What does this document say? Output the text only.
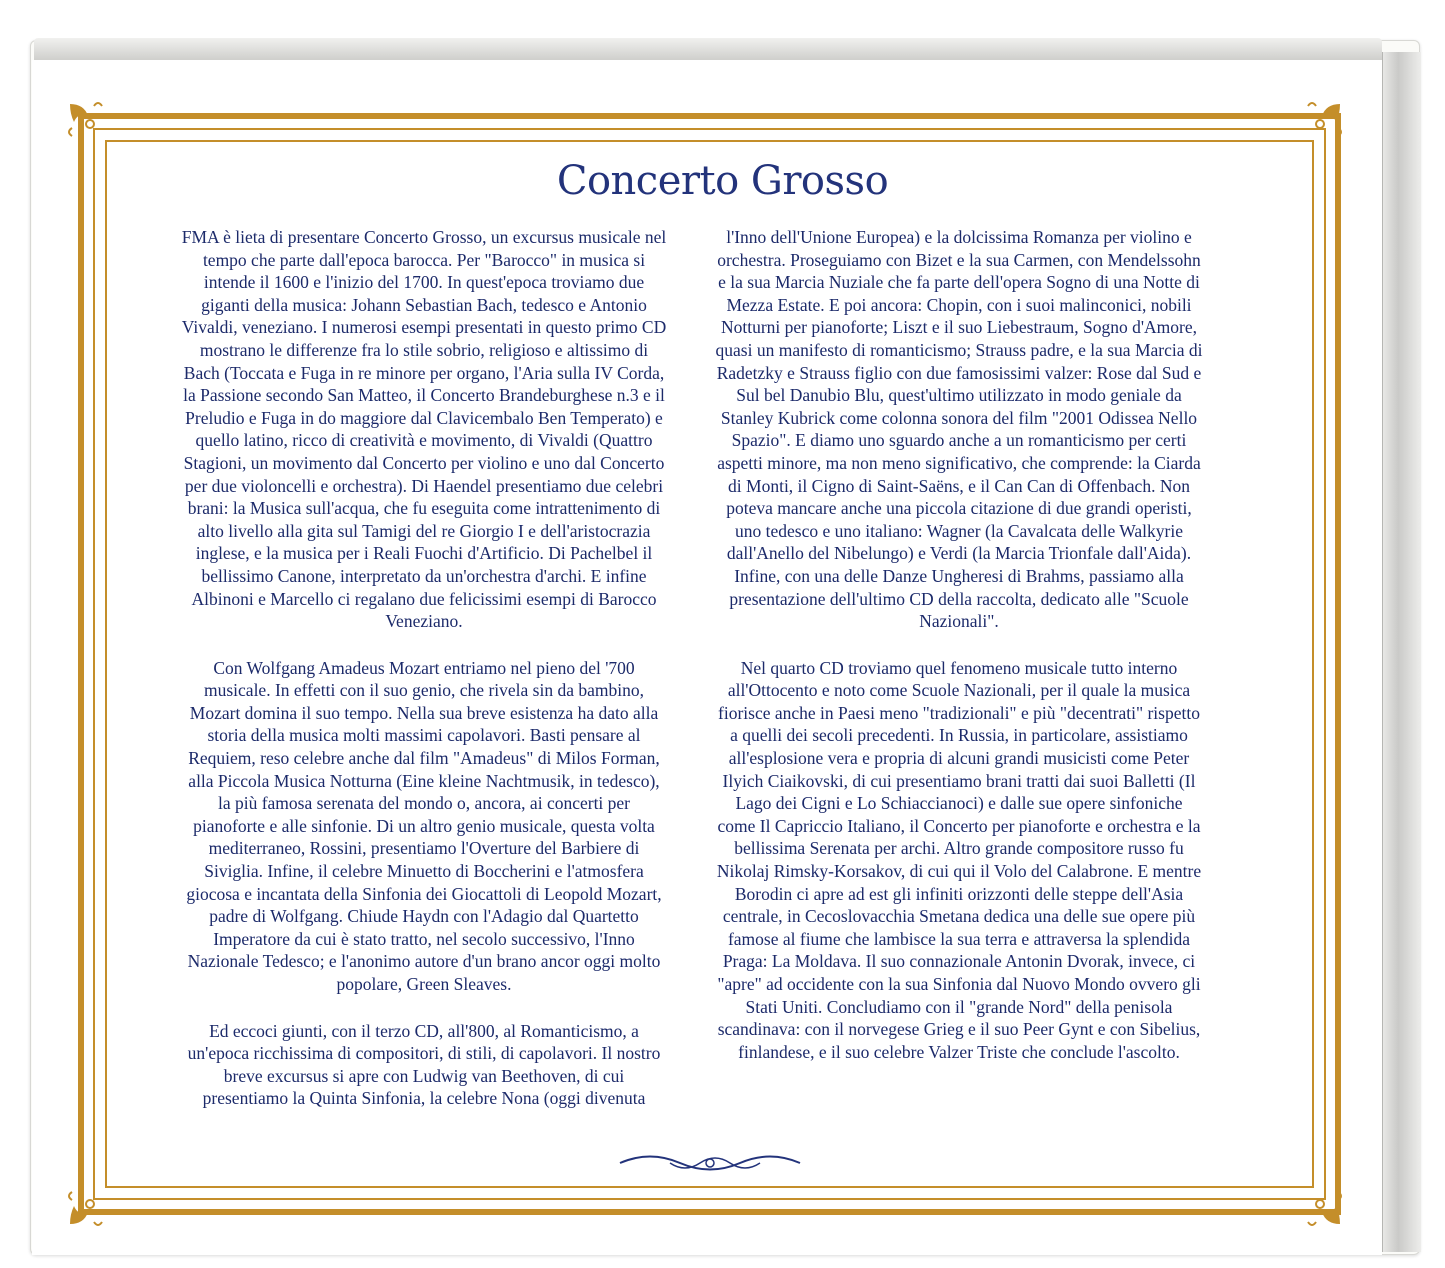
Concerto Grosso

FMA è lieta di presentare Concerto Grosso, un excursus musicale nel tempo che parte dall'epoca barocca. Per "Barocco" in musica si intende il 1600 e l'inizio del 1700. In quest'epoca troviamo due giganti della musica: Johann Sebastian Bach, tedesco e Antonio Vivaldi, veneziano. I numerosi esempi presentati in questo primo CD mostrano le differenze fra lo stile sobrio, religioso e altissimo di Bach (Toccata e Fuga in re minore per organo, l'Aria sulla IV Corda, la Passione secondo San Matteo, il Concerto Brandeburghese n.3 e il Preludio e Fuga in do maggiore dal Clavicembalo Ben Temperato) e quello latino, ricco di creatività e movimento, di Vivaldi (Quattro Stagioni, un movimento dal Concerto per violino e uno dal Concerto per due violoncelli e orchestra). Di Haendel presentiamo due celebri brani: la Musica sull'acqua, che fu eseguita come intrattenimento di alto livello alla gita sul Tamigi del re Giorgio I e dell'aristocrazia inglese, e la musica per i Reali Fuochi d'Artificio. Di Pachelbel il bellissimo Canone, interpretato da un'orchestra d'archi. E infine Albinoni e Marcello ci regalano due felicissimi esempi di Barocco Veneziano.

Con Wolfgang Amadeus Mozart entriamo nel pieno del '700 musicale. In effetti con il suo genio, che rivela sin da bambino, Mozart domina il suo tempo. Nella sua breve esistenza ha dato alla storia della musica molti massimi capolavori. Basti pensare al Requiem, reso celebre anche dal film "Amadeus" di Milos Forman, alla Piccola Musica Notturna (Eine kleine Nachtmusik, in tedesco), la più famosa serenata del mondo o, ancora, ai concerti per pianoforte e alle sinfonie. Di un altro genio musicale, questa volta mediterraneo, Rossini, presentiamo l'Overture del Barbiere di Siviglia. Infine, il celebre Minuetto di Boccherini e l'atmosfera giocosa e incantata della Sinfonia dei Giocattoli di Leopold Mozart, padre di Wolfgang. Chiude Haydn con l'Adagio dal Quartetto Imperatore da cui è stato tratto, nel secolo successivo, l'Inno Nazionale Tedesco; e l'anonimo autore d'un brano ancor oggi molto popolare, Green Sleaves.

Ed eccoci giunti, con il terzo CD, all'800, al Romanticismo, a un'epoca ricchissima di compositori, di stili, di capolavori. Il nostro breve excursus si apre con Ludwig van Beethoven, di cui presentiamo la Quinta Sinfonia, la celebre Nona (oggi divenuta

l'Inno dell'Unione Europea) e la dolcissima Romanza per violino e orchestra. Proseguiamo con Bizet e la sua Carmen, con Mendelssohn e la sua Marcia Nuziale che fa parte dell'opera Sogno di una Notte di Mezza Estate. E poi ancora: Chopin, con i suoi malinconici, nobili Notturni per pianoforte; Liszt e il suo Liebestraum, Sogno d'Amore, quasi un manifesto di romanticismo; Strauss padre, e la sua Marcia di Radetzky e Strauss figlio con due famosissimi valzer: Rose dal Sud e Sul bel Danubio Blu, quest'ultimo utilizzato in modo geniale da Stanley Kubrick come colonna sonora del film "2001 Odissea Nello Spazio". E diamo uno sguardo anche a un romanticismo per certi aspetti minore, ma non meno significativo, che comprende: la Ciarda di Monti, il Cigno di Saint-Saëns, e il Can Can di Offenbach. Non poteva mancare anche una piccola citazione di due grandi operisti, uno tedesco e uno italiano: Wagner (la Cavalcata delle Walkyrie dall'Anello del Nibelungo) e Verdi (la Marcia Trionfale dall'Aida). Infine, con una delle Danze Ungheresi di Brahms, passiamo alla presentazione dell'ultimo CD della raccolta, dedicato alle "Scuole Nazionali".

Nel quarto CD troviamo quel fenomeno musicale tutto interno all'Ottocento e noto come Scuole Nazionali, per il quale la musica fiorisce anche in Paesi meno "tradizionali" e più "decentrati" rispetto a quelli dei secoli precedenti. In Russia, in particolare, assistiamo all'esplosione vera e propria di alcuni grandi musicisti come Peter Ilyich Ciaikovski, di cui presentiamo brani tratti dai suoi Balletti (Il Lago dei Cigni e Lo Schiaccianoci) e dalle sue opere sinfoniche come Il Capriccio Italiano, il Concerto per pianoforte e orchestra e la bellissima Serenata per archi. Altro grande compositore russo fu Nikolaj Rimsky-Korsakov, di cui qui il Volo del Calabrone. E mentre Borodin ci apre ad est gli infiniti orizzonti delle steppe dell'Asia centrale, in Cecoslovacchia Smetana dedica una delle sue opere più famose al fiume che lambisce la sua terra e attraversa la splendida Praga: La Moldava. Il suo connazionale Antonin Dvorak, invece, ci "apre" ad occidente con la sua Sinfonia dal Nuovo Mondo ovvero gli Stati Uniti. Concludiamo con il "grande Nord" della penisola scandinava: con il norvegese Grieg e il suo Peer Gynt e con Sibelius, finlandese, e il suo celebre Valzer Triste che conclude l'ascolto.
